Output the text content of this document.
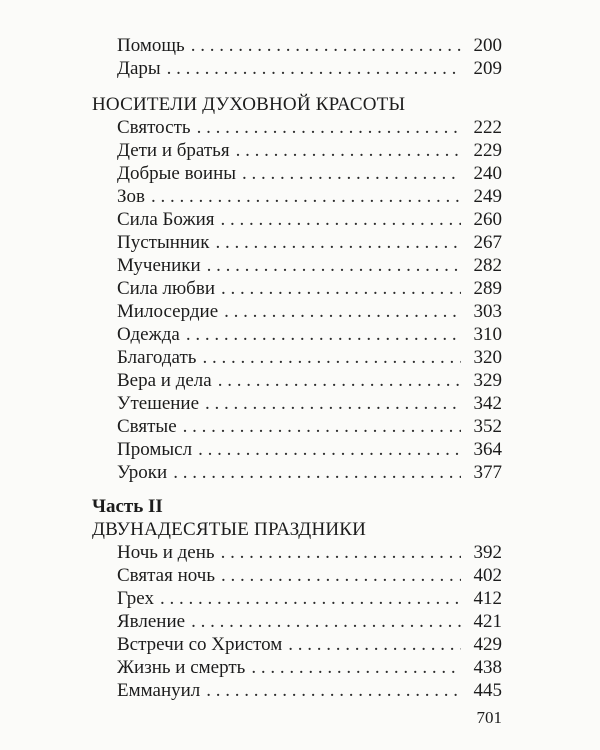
Помощь . . .	200
Дары . . .	209
НОСИТЕЛИ ДУХОВНОЙ КРАСОТЫ
Святость . . .	222
Дети и братья . . .	229
Добрые воины . . .	240
Зов . . .	249
Сила Божия . . .	260
Пустынник . . .	267
Мученики . . .	282
Сила любви . . .	289
Милосердие . . .	303
Одежда . . .	310
Благодать . . .	320
Вера и дела . . .	329
Утешение . . .	342
Святые . . .	352
Промысл . . .	364
Уроки . . .	377
Часть II
ДВУНАДЕСЯТЫЕ ПРАЗДНИКИ
Ночь и день . . .	392
Святая ночь . . .	402
Грех . . .	412
Явление . . .	421
Встречи со Христом . . .	429
Жизнь и смерть . . .	438
Еммануил . . .	445
701
